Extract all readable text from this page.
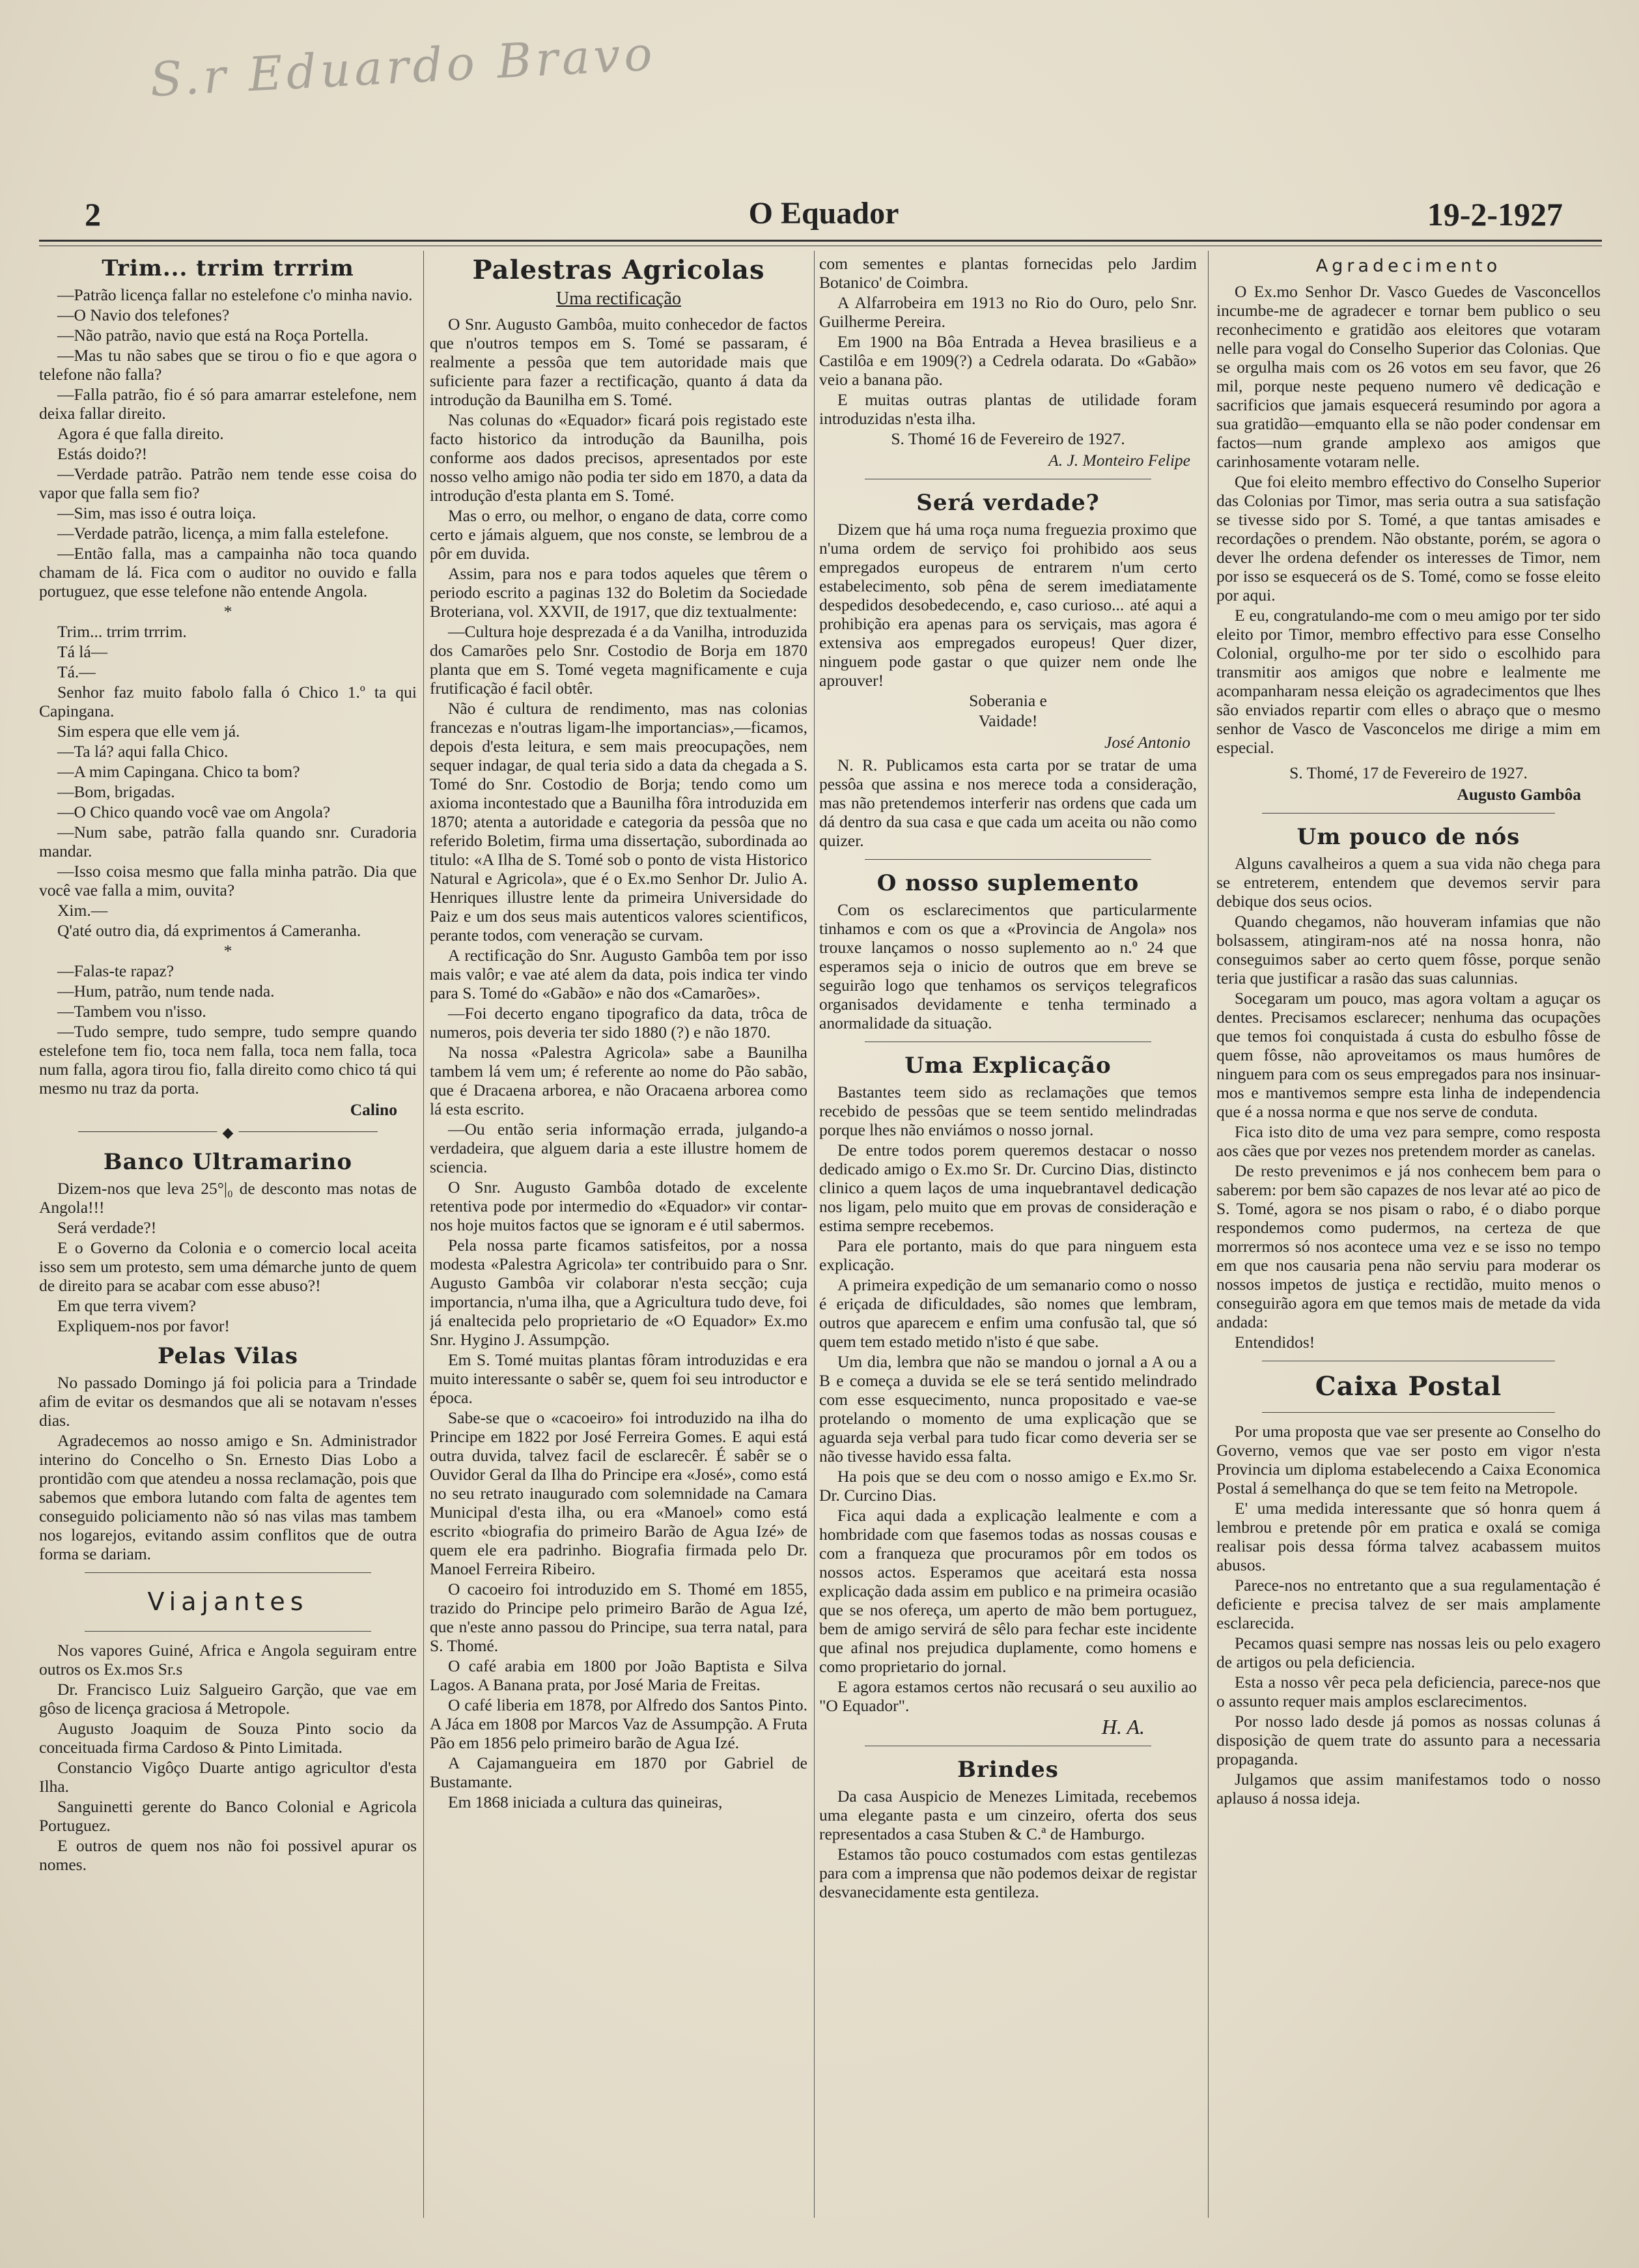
S.r Eduardo Bravo
2	O Equador	19-2-1927
Trim... trrim trrrim

—Patrão licença fallar no estelefone c'o minha navio.

—O Navio dos telefones?

—Não patrão, navio que está na Roça Portella.

—Mas tu não sabes que se tirou o fio e que agora o telefone não falla?

—Falla patrão, fio é só para amarrar estelefone, nem deixa fallar direito.

Agora é que falla direito.

Estás doido?!

—Verdade patrão. Patrão nem tende esse coisa do vapor que falla sem fio?

—Sim, mas isso é outra loiça.

—Verdade patrão, licença, a mim falla estelefone.

—Então falla, mas a campainha não toca quando chamam de lá. Fica com o auditor no ouvido e falla portuguez, que esse telefone não entende Angola.

*

Trim... trrim trrrim.

Tá lá—

Tá.—

Senhor faz muito fabolo falla ó Chico 1.º ta qui Capingana.

Sim espera que elle vem já.

—Ta lá? aqui falla Chico.

—A mim Capingana. Chico ta bom?

—Bom, brigadas.

—O Chico quando você vae om Angola?

—Num sabe, patrão falla quando snr. Curadoria mandar.

—Isso coisa mesmo que falla minha patrão. Dia que você vae falla a mim, ouvita?

Xim.—

Q'até outro dia, dá exprimentos á Cameranha.

*

—Falas-te rapaz?

—Hum, patrão, num tende nada.

—Tambem vou n'isso.

—Tudo sempre, tudo sempre, tudo sempre quando estelefone tem fio, toca nem falla, toca nem falla, toca num falla, agora tirou fio, falla direito como chico tá qui mesmo nu traz da porta.

Calino
◆
Banco Ultramarino

Dizem-nos que leva 25°|₀ de desconto mas notas de Angola!!!

Será verdade?!

E o Governo da Colonia e o comercio local aceita isso sem um protesto, sem uma démarche junto de quem de direito para se acabar com esse abuso?!

Em que terra vivem?

Expliquem-nos por favor!

Pelas Vilas

No passado Domingo já foi policia para a Trindade afim de evitar os desmandos que ali se notavam n'esses dias.

Agradecemos ao nosso amigo e Sn. Administrador interino do Concelho o Sn. Ernesto Dias Lobo a prontidão com que atendeu a nossa reclamação, pois que sabemos que embora lutando com falta de agentes tem conseguido policiamento não só nas vilas mas tambem nos logarejos, evitando assim conflitos que de outra forma se dariam.

Viajantes

Nos vapores Guiné, Africa e Angola seguiram entre outros os Ex.mos Sr.s

Dr. Francisco Luiz Salgueiro Garção, que vae em gôso de licença graciosa á Metropole.

Augusto Joaquim de Souza Pinto socio da conceituada firma Cardoso & Pinto Limitada.

Constancio Vigôço Duarte antigo agricultor d'esta Ilha.

Sanguinetti gerente do Banco Colonial e Agricola Portuguez.

E outros de quem nos não foi possivel apurar os nomes.

Palestras Agricolas
Uma rectificação

O Snr. Augusto Gambôa, muito conhecedor de factos que n'outros tempos em S. Tomé se passaram, é realmente a pessôa que tem autoridade mais que suficiente para fazer a rectificação, quanto á data da introdução da Baunilha em S. Tomé.

Nas colunas do «Equador» ficará pois registado este facto historico da introdução da Baunilha, pois conforme aos dados precisos, apresentados por este nosso velho amigo não podia ter sido em 1870, a data da introdução d'esta planta em S. Tomé.

Mas o erro, ou melhor, o engano de data, corre como certo e jámais alguem, que nos conste, se lembrou de a pôr em duvida.

Assim, para nos e para todos aqueles que têrem o periodo escrito a paginas 132 do Boletim da Sociedade Broteriana, vol. XXVII, de 1917, que diz textualmente:

—Cultura hoje desprezada é a da Vanilha, introduzida dos Camarões pelo Snr. Costodio de Borja em 1870 planta que em S. Tomé vegeta magnificamente e cuja frutificação é facil obtêr.

Não é cultura de rendimento, mas nas colonias francezas e n'outras ligam-lhe importancias»,—ficamos, depois d'esta leitura, e sem mais preocupações, nem sequer indagar, de qual teria sido a data da chegada a S. Tomé do Snr. Costodio de Borja; tendo como um axioma incontestado que a Baunilha fôra introduzida em 1870; atenta a autoridade e categoria da pessôa que no referido Boletim, firma uma dissertação, subordinada ao titulo: «A Ilha de S. Tomé sob o ponto de vista Historico Natural e Agricola», que é o Ex.mo Senhor Dr. Julio A. Henriques illustre lente da primeira Universidade do Paiz e um dos seus mais autenticos valores scientificos, perante todos, com veneração se curvam.

A rectificação do Snr. Augusto Gambôa tem por isso mais valôr; e vae até alem da data, pois indica ter vindo para S. Tomé do «Gabão» e não dos «Camarões».

—Foi decerto engano tipografico da data, trôca de numeros, pois deveria ter sido 1880 (?) e não 1870.

Na nossa «Palestra Agricola» sabe a Baunilha tambem lá vem um; é referente ao nome do Pão sabão, que é Dracaena arborea, e não Oracaena arborea como lá esta escrito.

—Ou então seria informação errada, julgando-a verdadeira, que alguem daria a este illustre homem de sciencia.

O Snr. Augusto Gambôa dotado de excelente retentiva pode por intermedio do «Equador» vir contar-nos hoje muitos factos que se ignoram e é util sabermos.

Pela nossa parte ficamos satisfeitos, por a nossa modesta «Palestra Agricola» ter contribuido para o Snr. Augusto Gambôa vir colaborar n'esta secção; cuja importancia, n'uma ilha, que a Agricultura tudo deve, foi já enaltecida pelo proprietario de «O Equador» Ex.mo Snr. Hygino J. Assumpção.

Em S. Tomé muitas plantas fôram introduzidas e era muito interessante o sabêr se, quem foi seu introductor e época.

Sabe-se que o «cacoeiro» foi introduzido na ilha do Principe em 1822 por José Ferreira Gomes. E aqui está outra duvida, talvez facil de esclarecêr. É sabêr se o Ouvidor Geral da Ilha do Principe era «José», como está no seu retrato inaugurado com solemnidade na Camara Municipal d'esta ilha, ou era «Manoel» como está escrito «biografia do primeiro Barão de Agua Izé» de quem ele era padrinho. Biografia firmada pelo Dr. Manoel Ferreira Ribeiro.

O cacoeiro foi introduzido em S. Thomé em 1855, trazido do Principe pelo primeiro Barão de Agua Izé, que n'este anno passou do Principe, sua terra natal, para S. Thomé.

O café arabia em 1800 por João Baptista e Silva Lagos. A Banana prata, por José Maria de Freitas.

O café liberia em 1878, por Alfredo dos Santos Pinto. A Jáca em 1808 por Marcos Vaz de Assumpção. A Fruta Pão em 1856 pelo primeiro barão de Agua Izé.

A Cajamangueira em 1870 por Gabriel de Bustamante.

Em 1868 iniciada a cultura das quineiras,

com sementes e plantas fornecidas pelo Jardim Botanico' de Coimbra.

A Alfarrobeira em 1913 no Rio do Ouro, pelo Snr. Guilherme Pereira.

Em 1900 na Bôa Entrada a Hevea brasilieus e a Castilôa e em 1909(?) a Cedrela odarata. Do «Gabão» veio a banana pão.

E muitas outras plantas de utilidade foram introduzidas n'esta ilha.

S. Thomé 16 de Fevereiro de 1927.

A. J. Monteiro Felipe
Será verdade?

Dizem que há uma roça numa freguezia proximo que n'uma ordem de serviço foi prohibido aos seus empregados europeus de entrarem n'um certo estabelecimento, sob pêna de serem imediatamente despedidos desobedecendo, e, caso curioso... até aqui a prohibição era apenas para os serviçais, mas agora é extensiva aos empregados europeus! Quer dizer, ninguem pode gastar o que quizer nem onde lhe aprouver!

Soberania e

Vaidade!

José Antonio

N. R. Publicamos esta carta por se tratar de uma pessôa que assina e nos merece toda a consideração, mas não pretendemos interferir nas ordens que cada um dá dentro da sua casa e que cada um aceita ou não como quizer.

O nosso suplemento

Com os esclarecimentos que particularmente tinhamos e com os que a «Provincia de Angola» nos trouxe lançamos o nosso suplemento ao n.º 24 que esperamos seja o inicio de outros que em breve se seguirão logo que tenhamos os serviços telegraficos organisados devidamente e tenha terminado a anormalidade da situação.

Uma Explicação

Bastantes teem sido as reclamações que temos recebido de pessôas que se teem sentido melindradas porque lhes não enviámos o nosso jornal.

De entre todos porem queremos destacar o nosso dedicado amigo o Ex.mo Sr. Dr. Curcino Dias, distincto clinico a quem laços de uma inquebrantavel dedicação nos ligam, pelo muito que em provas de consideração e estima sempre recebemos.

Para ele portanto, mais do que para ninguem esta explicação.

A primeira expedição de um semanario como o nosso é eriçada de dificuldades, são nomes que lembram, outros que aparecem e enfim uma confusão tal, que só quem tem estado metido n'isto é que sabe.

Um dia, lembra que não se mandou o jornal a A ou a B e começa a duvida se ele se terá sentido melindrado com esse esquecimento, nunca propositado e vae-se protelando o momento de uma explicação que se aguarda seja verbal para tudo ficar como deveria ser se não tivesse havido essa falta.

Ha pois que se deu com o nosso amigo e Ex.mo Sr. Dr. Curcino Dias.

Fica aqui dada a explicação lealmente e com a hombridade com que fasemos todas as nossas cousas e com a franqueza que procuramos pôr em todos os nossos actos. Esperamos que aceitará esta nossa explicação dada assim em publico e na primeira ocasião que se nos ofereça, um aperto de mão bem portuguez, bem de amigo servirá de sêlo para fechar este incidente que afinal nos prejudica duplamente, como homens e como proprietario do jornal.

E agora estamos certos não recusará o seu auxilio ao "O Equador".

H. A.
Brindes

Da casa Auspicio de Menezes Limitada, recebemos uma elegante pasta e um cinzeiro, oferta dos seus representados a casa Stuben & C.ª de Hamburgo.

Estamos tão pouco costumados com estas gentilezas para com a imprensa que não podemos deixar de registar desvanecidamente esta gentileza.

Agradecimento

O Ex.mo Senhor Dr. Vasco Guedes de Vasconcellos incumbe-me de agradecer e tornar bem publico o seu reconhecimento e gratidão aos eleitores que votaram nelle para vogal do Conselho Superior das Colonias. Que se orgulha mais com os 26 votos em seu favor, que 26 mil, porque neste pequeno numero vê dedicação e sacrificios que jamais esquecerá resumindo por agora a sua gratidão—emquanto ella se não poder condensar em factos—num grande amplexo aos amigos que carinhosamente votaram nelle.

Que foi eleito membro effectivo do Conselho Superior das Colonias por Timor, mas seria outra a sua satisfação se tivesse sido por S. Tomé, a que tantas amisades e recordações o prendem. Não obstante, porém, se agora o dever lhe ordena defender os interesses de Timor, nem por isso se esquecerá os de S. Tomé, como se fosse eleito por aqui.

E eu, congratulando-me com o meu amigo por ter sido eleito por Timor, membro effectivo para esse Conselho Colonial, orgulho-me por ter sido o escolhido para transmitir aos amigos que nobre e lealmente me acompanharam nessa eleição os agradecimentos que lhes são enviados repartir com elles o abraço que o mesmo senhor de Vasco de Vasconcelos me dirige a mim em especial.

S. Thomé, 17 de Fevereiro de 1927.

Augusto Gambôa
Um pouco de nós

Alguns cavalheiros a quem a sua vida não chega para se entreterem, entendem que devemos servir para debique dos seus ocios.

Quando chegamos, não houveram infamias que não bolsassem, atingiram-nos até na nossa honra, não conseguimos saber ao certo quem fôsse, porque senão teria que justificar a rasão das suas calunnias.

Socegaram um pouco, mas agora voltam a aguçar os dentes. Precisamos esclarecer; nenhuma das ocupações que temos foi conquistada á custa do esbulho fôsse de quem fôsse, não aproveitamos os maus humôres de ninguem para com os seus empregados para nos insinuar-mos e mantivemos sempre esta linha de independencia que é a nossa norma e que nos serve de conduta.

Fica isto dito de uma vez para sempre, como resposta aos cães que por vezes nos pretendem morder as canelas.

De resto prevenimos e já nos conhecem bem para o saberem: por bem são capazes de nos levar até ao pico de S. Tomé, agora se nos pisam o rabo, é o diabo porque respondemos como pudermos, na certeza de que morrermos só nos acontece uma vez e se isso no tempo em que nos causaria pena não serviu para moderar os nossos impetos de justiça e rectidão, muito menos o conseguirão agora em que temos mais de metade da vida andada:

Entendidos!

Caixa Postal

Por uma proposta que vae ser presente ao Conselho do Governo, vemos que vae ser posto em vigor n'esta Provincia um diploma estabelecendo a Caixa Economica Postal á semelhança do que se tem feito na Metropole.

E' uma medida interessante que só honra quem á lembrou e pretende pôr em pratica e oxalá se comiga realisar pois dessa fórma talvez acabassem muitos abusos.

Parece-nos no entretanto que a sua regulamentação é deficiente e precisa talvez de ser mais amplamente esclarecida.

Pecamos quasi sempre nas nossas leis ou pelo exagero de artigos ou pela deficiencia.

Esta a nosso vêr peca pela deficiencia, parece-nos que o assunto requer mais amplos esclarecimentos.

Por nosso lado desde já pomos as nossas colunas á disposição de quem trate do assunto para a necessaria propaganda.

Julgamos que assim manifestamos todo o nosso aplauso á nossa ideja.
